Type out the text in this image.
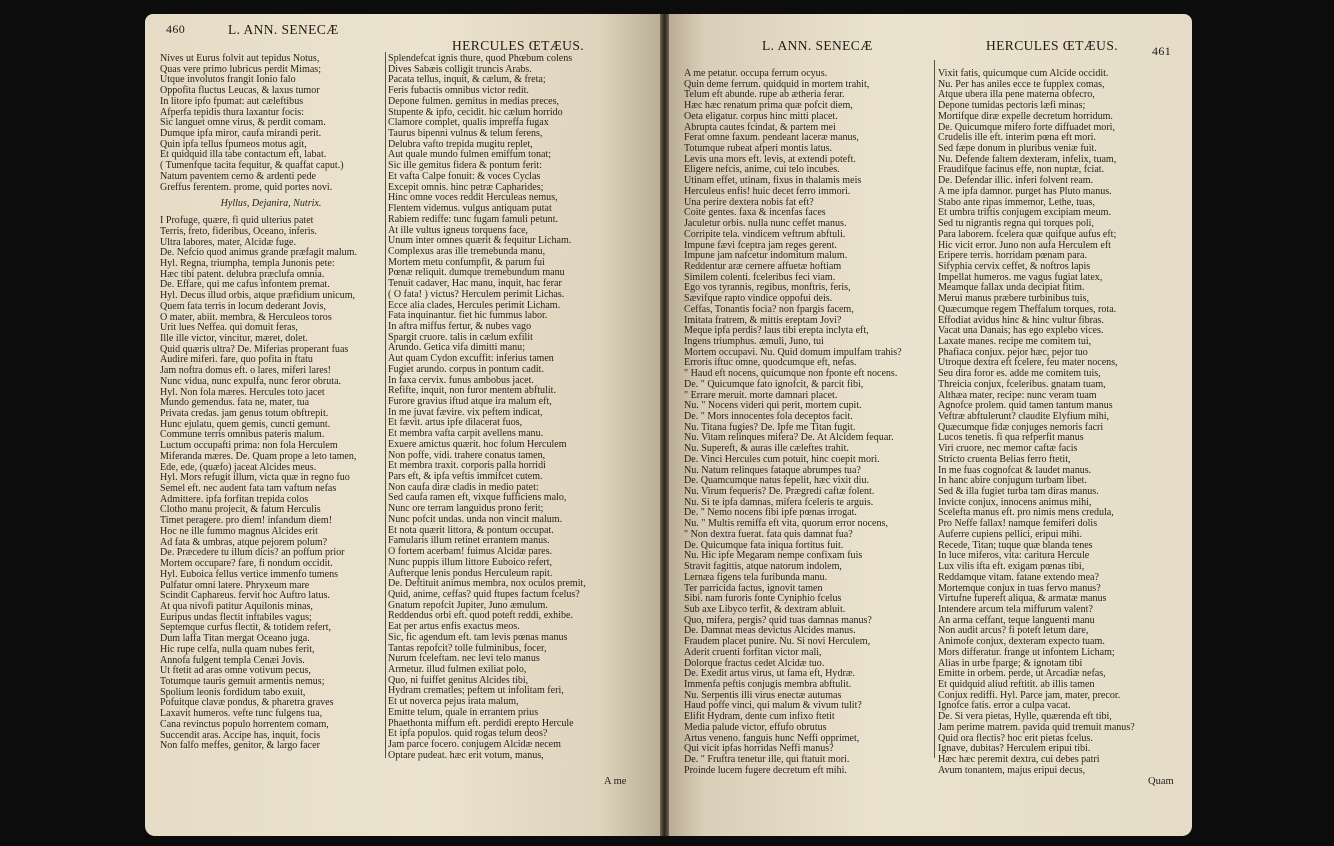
460	L. ANN. SENECÆ
HERCULES ŒTÆUS.	L. ANN. SENECÆ	HERCULES ŒTÆUS.	461
Nives ut Eurus folvit aut tepidus Notus,
Quas vere primo lubricus perdit Mimas;
Utque involutos frangit Ionio falo
Oppofita fluctus Leucas, & laxus tumor
In litore ipfo fpumat: aut cæleftibus
Afperfa tepidis thura laxantur focis:
Sic languet omne virus, & perdit comam.
Dumque ipfa miror, caufa mirandi perit.
Quin ipfa tellus fpumeos motus agit,
Et quidquid illa tabe contactum eft, labat.
( Tumenfque tacita fequitur, & quaffat caput.)
Natum paventem cerno & ardenti pede
Greffus ferentem. prome, quid portes novi.
Hyllus, Dejanira, Nutrix.
I Profuge, quære, fi quid ulterius patet
Terris, freto, fideribus, Oceano, inferis.
Ultra labores, mater, Alcidæ fuge.
De. Nefcio quod animus grande præfagit malum.
Hyl. Regna, triumpha, templa Junonis pete:
Hæc tibi patent. delubra præclufa omnia.
De. Effare, qui me cafus infontem premat.
Hyl. Decus illud orbis, atque præfidium unicum,
Quem fata terris in locum dederant Jovis,
O mater, abiit. membra, & Herculeos toros
Urit lues Neffea. qui domuit feras,
Ille ille victor, vincitur, mæret, dolet.
Quid quæris ultra? De. Miferias properant fuas
Audire miferi. fare, quo pofita in ftatu
Jam noftra domus eft. o lares, miferi lares!
Nunc vidua, nunc expulfa, nunc feror obruta.
Hyl. Non fola mæres. Hercules toto jacet
Mundo gemendus. fata ne, mater, tua
Privata credas. jam genus totum obftrepit.
Hunc ejulatu, quem gemis, cuncti gemunt.
Commune terris omnibus pateris malum.
Luctum occupafti prima: non fola Herculem
Miferanda mæres. De. Quam prope a leto tamen,
Ede, ede, (quæfo) jaceat Alcides meus.
Hyl. Mors refugit illum, victa quæ in regno fuo
Semel eft. nec audent fata tam vaftum nefas
Admittere. ipfa forfitan trepida colos
Clotho manu projecit, & fatum Herculis
Timet peragere. pro diem! infandum diem!
Hoc ne ille fummo magnus Alcides erit
Ad fata & umbras, atque pejorem polum?
De. Præcedere tu illum dicis? an poffum prior
Mortem occupare? fare, fi nondum occidit.
Hyl. Euboica fellus vertice immenfo tumens
Pulfatur omni latere. Phryxeum mare
Scindit Caphareus. fervit hoc Auftro latus.
At qua nivofi patitur Aquilonis minas,
Euripus undas flectit inftabiles vagus;
Septemque curfus flectit, & totidem refert,
Dum laffa Titan mergat Oceano juga.
Hic rupe celfa, nulla quam nubes ferit,
Annofa fulgent templa Cenæi Jovis.
Ut ftetit ad aras omne votivum pecus,
Totumque tauris gemuit armentis nemus;
Spolium leonis fordidum tabo exuit,
Pofuitque clavæ pondus, & pharetra graves
Laxavit humeros. vefte tunc fulgens tua,
Cana revinctus populo horrentem comam,
Succendit aras. Accipe has, inquit, focis
Non falfo meffes, genitor, & largo facer
Splendefcat ignis thure, quod Phœbum colens
Dives Sabæis colligit truncis Arabs.
Pacata tellus, inquit, & cælum, & freta;
Feris fubactis omnibus victor redit.
Depone fulmen. gemitus in medias preces,
Stupente & ipfo, cecidit. hic cælum horrido
Clamore complet, qualis impreffa fugax
Taurus bipenni vulnus & telum ferens,
Delubra vafto trepida mugitu replet,
Aut quale mundo fulmen emiffum tonat;
Sic ille gemitus fidera & pontum ferit:
Et vafta Calpe fonuit: & voces Cyclas
Excepit omnis. hinc petræ Capharides;
Hinc omne voces reddit Herculeas nemus,
Flentem videmus. vulgus antiquam putat
Rabiem rediffe: tunc fugam famuli petunt.
At ille vultus igneus torquens face,
Unum inter omnes quærit & fequitur Licham.
Complexus aras ille tremebunda manu,
Mortem metu confumpfit, & parum fui
Pœnæ reliquit. dumque tremebundum manu
Tenuit cadaver, Hac manu, inquit, hac ferar
( O fata! ) victus? Herculem perimit Lichas.
Ecce alia clades, Hercules perimit Licham.
Fata inquinantur. fiet hic fummus labor.
In aftra miffus fertur, & nubes vago
Spargit cruore. talis in cælum exfilit
Arundo. Getica vifa dimitti manu;
Aut quam Cydon excuffit: inferius tamen
Fugiet arundo. corpus in pontum cadit.
In faxa cervix. funus ambobus jacet.
Refifte, inquit, non furor mentem abftulit.
Furore gravius iftud atque ira malum eft,
In me juvat fævire. vix peftem indicat,
Et fævit. artus ipfe dilacerat fuos,
Et membra vafta carpit avellens manu.
Exuere amictus quærit. hoc folum Herculem
Non poffe, vidi. trahere conatus tamen,
Et membra traxit. corporis palla horridi
Pars eft, & ipfa veftis immifcet cutem.
Non caufa diræ cladis in medio patet:
Sed caufa ramen eft, vixque fufficiens malo,
Nunc ore terram languidus prono ferit;
Nunc pofcit undas. unda non vincit malum.
Et nota quærit littora, & pontum occupat.
Famularis illum retinet errantem manus.
O fortem acerbam! fuimus Alcidæ pares.
Nunc puppis illum littore Euboico refert,
Aufterque lenis pondus Herculeum rapit.
De. Deftituit animus membra, nox oculos premit,
Quid, anime, ceffas? quid ftupes factum fcelus?
Gnatum repofcit Jupiter, Juno æmulum.
Reddendus orbi eft. quod poteft reddi, exhibe.
Eat per artus enfis exactus meos.
Sic, fic agendum eft. tam levis pœnas manus
Tantas repofcit? tolle fulminibus, focer,
Nurum fceleftam. nec levi telo manus
Armetur. illud fulmen exiliat polo,
Quo, ni fuiffet genitus Alcides tibi,
Hydram crematles; peftem ut infolitam feri,
Et ut noverca pejus irata malum,
Emitte telum, quale in errantem prius
Phaethonta miffum eft. perdidi erepto Hercule
Et ipfa populos. quid rogas telum deos?
Jam parce focero. conjugem Alcidæ necem
Optare pudeat. hæc erit votum, manus,
A me petatur. occupa ferrum ocyus.
Quin deme ferrum. quidquid in mortem trahit,
Telum eft abunde. rupe ab ætheria ferar.
Hæc hæc renatum prima quæ pofcit diem,
Oeta eligatur. corpus hinc mitti placet.
Abrupta cautes fcindat, & partem mei
Ferat omne faxum. pendeant laceræ manus,
Totumque rubeat afperi montis latus.
Levis una mors eft. levis, at extendi poteft.
Eligere nefcis, anime, cui telo incubes.
Utinam effet, utinam, fixus in thalamis meis
Herculeus enfis! huic decet ferro immori.
Una perire dextera nobis fat eft?
Coite gentes. faxa & incenfas faces
Jaculetur orbis. nulla nunc ceffet manus.
Corripite tela. vindicem veftrum abftuli.
Impune fævi fceptra jam reges gerent.
Impune jam nafcetur indomitum malum.
Reddentur aræ cernere affuetæ hoftiam
Similem colenti. fceleribus feci viam.
Ego vos tyrannis, regibus, monftris, feris,
Sævifque rapto vindice oppofui deis.
Ceffas, Tonantis focia? non fpargis facem,
Imitata fratrem, & mittis ereptam Jovi?
Meque ipfa perdis? laus tibi erepta inclyta eft,
Ingens triumphus. æmuli, Juno, tui
Mortem occupavi. Nu. Quid domum impulfam trahis?
Erroris iftuc omne, quodcumque eft, nefas.
" Haud eft nocens, quicumque non fponte eft nocens.
De. " Quicumque fato ignofcit, & parcit fibi,
" Errare meruit. morte damnari placet.
Nu. " Nocens videri qui perit, mortem cupit.
De. " Mors innocentes fola deceptos facit.
Nu. Titana fugies? De. Ipfe me Titan fugit.
Nu. Vitam relinques mifera? De. At Alcidem fequar.
Nu. Supereft, & auras ille cæleftes trahit.
De. Vinci Hercules cum potuit, hinc coepit mori.
Nu. Natum relinques fataque abrumpes tua?
De. Quamcumque natus fepelit, hæc vixit diu.
Nu. Virum fequeris? De. Prægredi caftæ folent.
Nu. Si te ipfa damnas, mifera fceleris te arguis.
De. " Nemo nocens fibi ipfe pœnas irrogat.
Nu. " Multis remiffa eft vita, quorum error nocens,
" Non dextra fuerat. fata quis damnat fua?
De. Quicumque fata iniqua fortitus fuit.
Nu. Hic ipfe Megaram nempe confixam fuis
Stravit fagittis, atque natorum indolem,
Lernæa figens tela furibunda manu.
Ter parricida factus, ignovit tamen
Sibi. nam furoris fonte Cyniphio fcelus
Sub axe Libyco terfit, & dextram abluit.
Quo, mifera, pergis? quid tuas damnas manus?
De. Damnat meas devictus Alcides manus.
Fraudem placet punire. Nu. Si novi Herculem,
Aderit cruenti forfitan victor mali,
Dolorque fractus cedet Alcidæ tuo.
De. Exedit artus virus, ut fama eft, Hydræ.
Immenfa peftis conjugis membra abftulit.
Nu. Serpentis illi virus enectæ autumas
Haud poffe vinci, qui malum & vivum tulit?
Elifit Hydram, dente cum infixo ftetit
Media palude victor, effufo obrutus
Artus veneno. fanguis hunc Neffi opprimet,
Qui vicit ipfas horridas Neffi manus?
De. " Fruftra tenetur ille, qui ftatuit mori.
Proinde lucem fugere decretum eft mihi.
Vixit fatis, quicumque cum Alcide occidit.
Nu. Per has aniles ecce te fupplex comas,
Atque ubera illa pene materna obfecro,
Depone tumidas pectoris læfi minas;
Mortifque diræ expelle decretum horridum.
De. Quicumque mifero forte diffuadet mori,
Crudelis ille eft. interim pœna eft mori.
Sed fæpe donum in pluribus veniæ fuit.
Nu. Defende faltem dexteram, infelix, tuam,
Fraudifque facinus effe, non nuptæ, fciat.
De. Defendar illic. inferi folvent ream.
A me ipfa damnor. purget has Pluto manus.
Stabo ante ripas immemor, Lethe, tuas,
Et umbra triftis conjugem excipiam meum.
Sed tu nigrantis regna qui torques poli,
Para laborem. fcelera quæ quifque aufus eft;
Hic vicit error. Juno non aufa Herculem eft
Eripere terris. horridam pœnam para.
Sifyphia cervix ceffet, & noftros lapis
Impellat humeros. me vagus fugiat latex,
Meamque fallax unda decipiat fitim.
Merui manus præbere turbinibus tuis,
Quæcumque regem Theffalum torques, rota.
Effodiat avidus hinc & hinc vultur fibras.
Vacat una Danais; has ego explebo vices.
Laxate manes. recipe me comitem tui,
Phafiaca conjux. pejor hæc, pejor tuo
Utroque dextra eft fcelere, feu mater nocens,
Seu dira foror es. adde me comitem tuis,
Threicia conjux, fceleribus. gnatam tuam,
Althæa mater, recipe: nunc veram tuam
Agnofce prolem. quid tamen tantum manus
Veftræ abftulerunt? claudite Elyfium mihi,
Quæcumque fidæ conjuges nemoris facri
Lucos tenetis. fi qua refperfit manus
Viri cruore, nec memor caftæ facis
Stricto cruenta Belias ferro ftetit,
In me fuas cognofcat & laudet manus.
In hanc abire conjugum turbam libet.
Sed & illa fugiet turba tam diras manus.
Invicte conjux, innocens animus mihi,
Scelefta manus eft. pro nimis mens credula,
Pro Neffe fallax! namque femiferi dolis
Auferre cupiens pellici, eripui mihi.
Recede, Titan; tuque quæ blanda tenes
In luce miferos, vita: caritura Hercule
Lux vilis ifta eft. exigam pœnas tibi,
Reddamque vitam. fatane extendo mea?
Mortemque conjux in tuas fervo manus?
Virtufne fupereft aliqua, & armatæ manus
Intendere arcum tela miffurum valent?
An arma ceffant, teque languenti manu
Non audit arcus? fi poteft letum dare,
Animofe conjux, dexteram expecto tuam.
Mors differatur. frange ut infontem Licham;
Alias in urbe fparge; & ignotam tibi
Emitte in orbem. perde, ut Arcadiæ nefas,
Et quidquid aliud reftitit. ab illis tamen
Conjux rediffi. Hyl. Parce jam, mater, precor.
Ignofce fatis. error a culpa vacat.
De. Si vera pietas, Hylle, quærenda eft tibi,
Jam perime matrem. pavida quid tremuit manus?
Quid ora flectis? hoc erit pietas fcelus.
Ignave, dubitas? Herculem eripui tibi.
Hæc hæc peremit dextra, cui debes patri
Avum tonantem, majus eripui decus,
A me	Quam
